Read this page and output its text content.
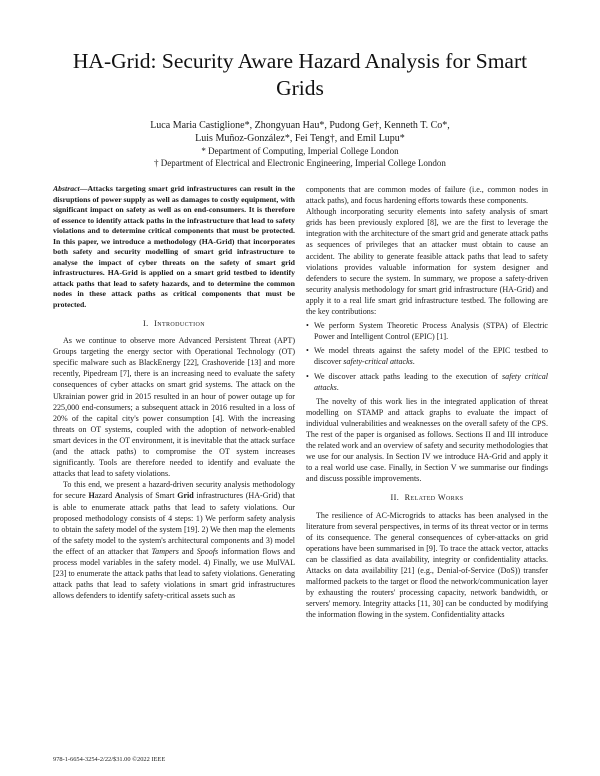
HA-Grid: Security Aware Hazard Analysis for Smart Grids
Luca Maria Castiglione*, Zhongyuan Hau*, Pudong Ge†, Kenneth T. Co*,
Luis Muñoz-González*, Fei Teng†, and Emil Lupu*
* Department of Computing, Imperial College London
† Department of Electrical and Electronic Engineering, Imperial College London

Abstract—Attacks targeting smart grid infrastructures can result in the disruptions of power supply as well as damages to costly equipment, with significant impact on safety as well as on end-consumers. It is therefore of essence to identify attack paths in the infrastructure that lead to safety violations and to determine critical components that must be protected. In this paper, we introduce a methodology (HA-Grid) that incorporates both safety and security modelling of smart grid infrastructure to analyse the impact of cyber threats on the safety of smart grid infrastructures. HA-Grid is applied on a smart grid testbed to identify attack paths that lead to safety hazards, and to determine the common nodes in these attack paths as critical components that must be protected.

I. Introduction

As we continue to observe more Advanced Persistent Threat (APT) Groups targeting the energy sector with Operational Technology (OT) specific malware such as BlackEnergy [22], Crashoveride [13] and more recently, Pipedream [7], there is an increasing need to evaluate the safety consequences of cyber attacks on smart grid systems. The attack on the Ukrainian power grid in 2015 resulted in an hour of power outage up for 225,000 end-consumers; a subsequent attack in 2016 resulted in a loss of 20% of the capital city's power consumption [4]. With the increasing threats on OT systems, coupled with the adoption of network-enabled smart devices in the OT environment, it is inevitable that the attack surface (and the attack paths) to compromise the OT system increases significantly. Tools are therefore needed to identify and evaluate the attacks that lead to safety violations.

To this end, we present a hazard-driven security analysis methodology for secure Hazard Analysis of Smart Grid infrastructures (HA-Grid) that is able to enumerate attack paths that lead to safety violations. Our proposed methodology consists of 4 steps: 1) We perform safety analysis to obtain the safety model of the system [19]. 2) We then map the elements of the safety model to the system's architectural components and 3) model the effect of an attacker that Tampers and Spoofs information flows and process model variables in the safety model. 4) Finally, we use MulVAL [23] to enumerate the attack paths that lead to safety violations. Generating attack paths that lead to safety violations in smart grid infrastructures allows defenders to identify safety-critical assets such as

components that are common modes of failure (i.e., common nodes in attack paths), and focus hardening efforts towards these components.

Although incorporating security elements into safety analysis of smart grids has been previously explored [8], we are the first to leverage the integration with the architecture of the smart grid and generate attack paths as sequences of privileges that an attacker must obtain to cause an accident. The ability to generate feasible attack paths that lead to safety violations provides valuable information for system designer and defenders to secure the system. In summary, we propose a safety-driven security analysis methodology for smart grid infrastructure (HA-Grid) and apply it to a real life smart grid infrastructure testbed. The following are the key contributions:

• We perform System Theoretic Process Analysis (STPA) of Electric Power and Intelligent Control (EPIC) [1].
• We model threats against the safety model of the EPIC testbed to discover safety-critical attacks.
• We discover attack paths leading to the execution of safety critical attacks.

The novelty of this work lies in the integrated application of threat modelling on STAMP and attack graphs to evaluate the impact of individual vulnerabilities and weaknesses on the overall safety of the CPS. The rest of the paper is organised as follows. Sections II and III introduce the related work and an overview of safety and security methodologies that we use for our analysis. In Section IV we introduce HA-Grid and apply it to a real world use case. Finally, in Section V we summarise our findings and discuss possible improvements.

II. Related Works

The resilience of AC-Microgrids to attacks has been analysed in the literature from several perspectives, in terms of its threat vector or in terms of its consequence. The general consequences of cyber-attacks on grid operations have been summarised in [9]. To trace the attack vector, attacks can be classified as data availability, integrity or confidentiality attacks. Attacks on data availability [21] (e.g., Denial-of-Service (DoS)) transfer malformed packets to the target or flood the network/communication layer by exhausting the routers' processing capacity, network bandwidth, or servers' memory. Integrity attacks [11, 30] can be conducted by modifying the information flowing in the system. Confidentiality attacks

978-1-6654-3254-2/22/$31.00 ©2022 IEEE
